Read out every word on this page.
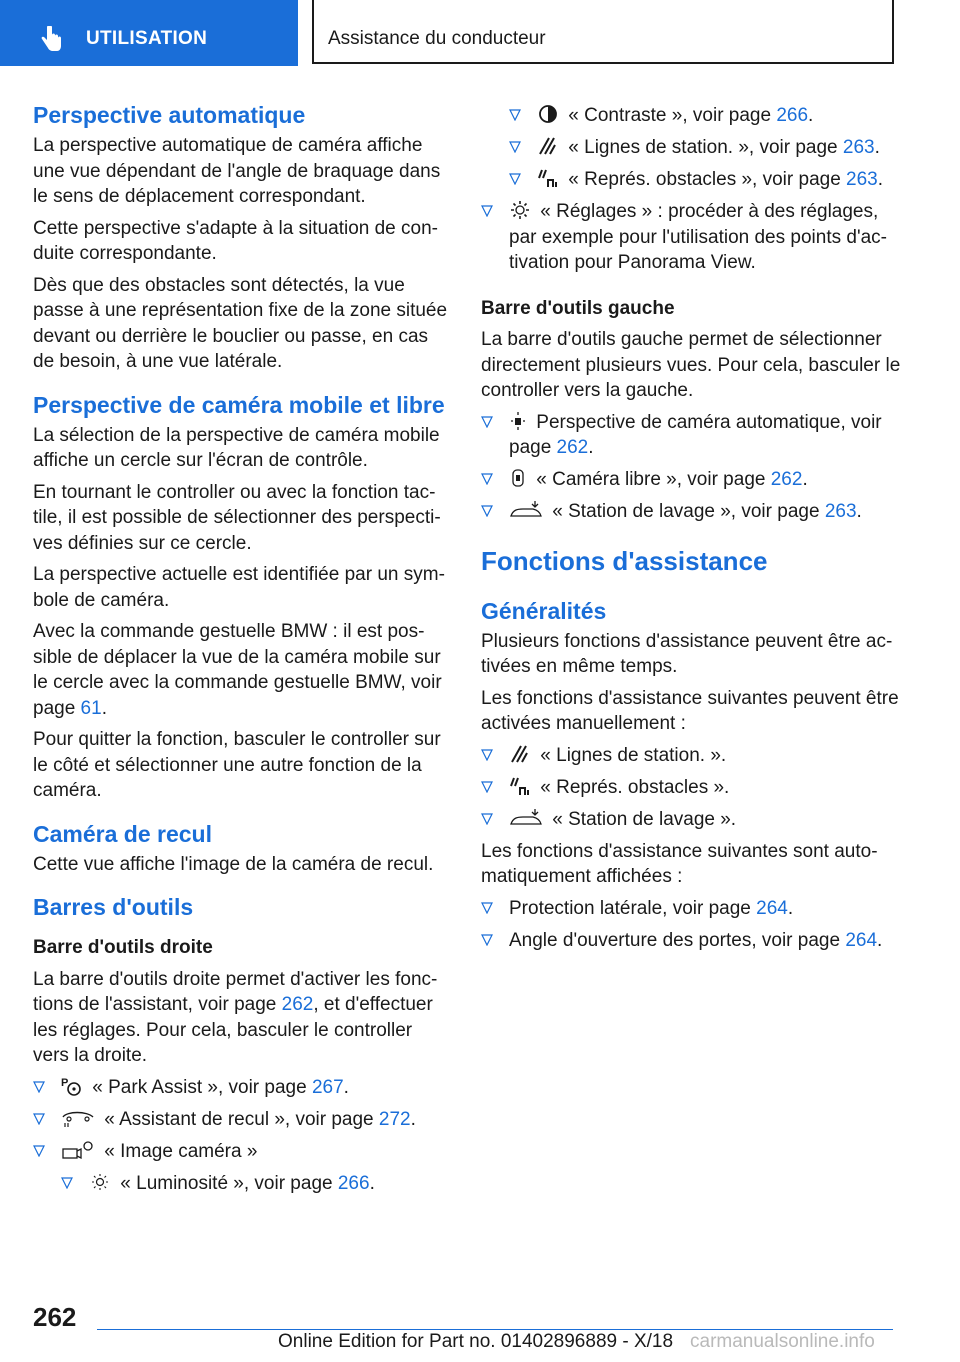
UTILISATION	Assistance du conducteur
Perspective automatique

La perspective automatique de caméra affiche une vue dépendant de l'angle de braquage dans le sens de déplacement correspondant.

Cette perspective s'adapte à la situation de conduite correspondante.

Dès que des obstacles sont détectés, la vue passe à une représentation fixe de la zone située devant ou derrière le bouclier ou passe, en cas de besoin, à une vue latérale.

Perspective de caméra mobile et libre

La sélection de la perspective de caméra mobile affiche un cercle sur l'écran de contrôle.

En tournant le controller ou avec la fonction tactile, il est possible de sélectionner des perspectives définies sur ce cercle.

La perspective actuelle est identifiée par un symbole de caméra.

Avec la commande gestuelle BMW : il est possible de déplacer la vue de la caméra mobile sur le cercle avec la commande gestuelle BMW, voir page 61.

Pour quitter la fonction, basculer le controller sur le côté et sélectionner une autre fonction de la caméra.

Caméra de recul

Cette vue affiche l'image de la caméra de recul.

Barres d'outils
Barre d'outils droite

La barre d'outils droite permet d'activer les fonctions de l'assistant, voir page 262, et d'effectuer les réglages. Pour cela, basculer le controller vers la droite.

P « Park Assist », voir page 267.
« Assistant de recul », voir page 272.
« Image caméra »
« Luminosité », voir page 266.
« Contraste », voir page 266.
« Lignes de station. », voir page 263.
« Représ. obstacles », voir page 263.
« Réglages » : procéder à des réglages, par exemple pour l'utilisation des points d'activation pour Panorama View.
Barre d'outils gauche

La barre d'outils gauche permet de sélectionner directement plusieurs vues. Pour cela, basculer le controller vers la gauche.

Perspective de caméra automatique, voir page 262.
« Caméra libre », voir page 262.
« Station de lavage », voir page 263.
Fonctions d'assistance
Généralités

Plusieurs fonctions d'assistance peuvent être activées en même temps.

Les fonctions d'assistance suivantes peuvent être activées manuellement :

« Lignes de station. ».
« Représ. obstacles ».
« Station de lavage ».

Les fonctions d'assistance suivantes sont automatiquement affichées :

Protection latérale, voir page 264.
Angle d'ouverture des portes, voir page 264.
262
Online Edition for Part no. 01402896889 - X/18 carmanualsonline.info
